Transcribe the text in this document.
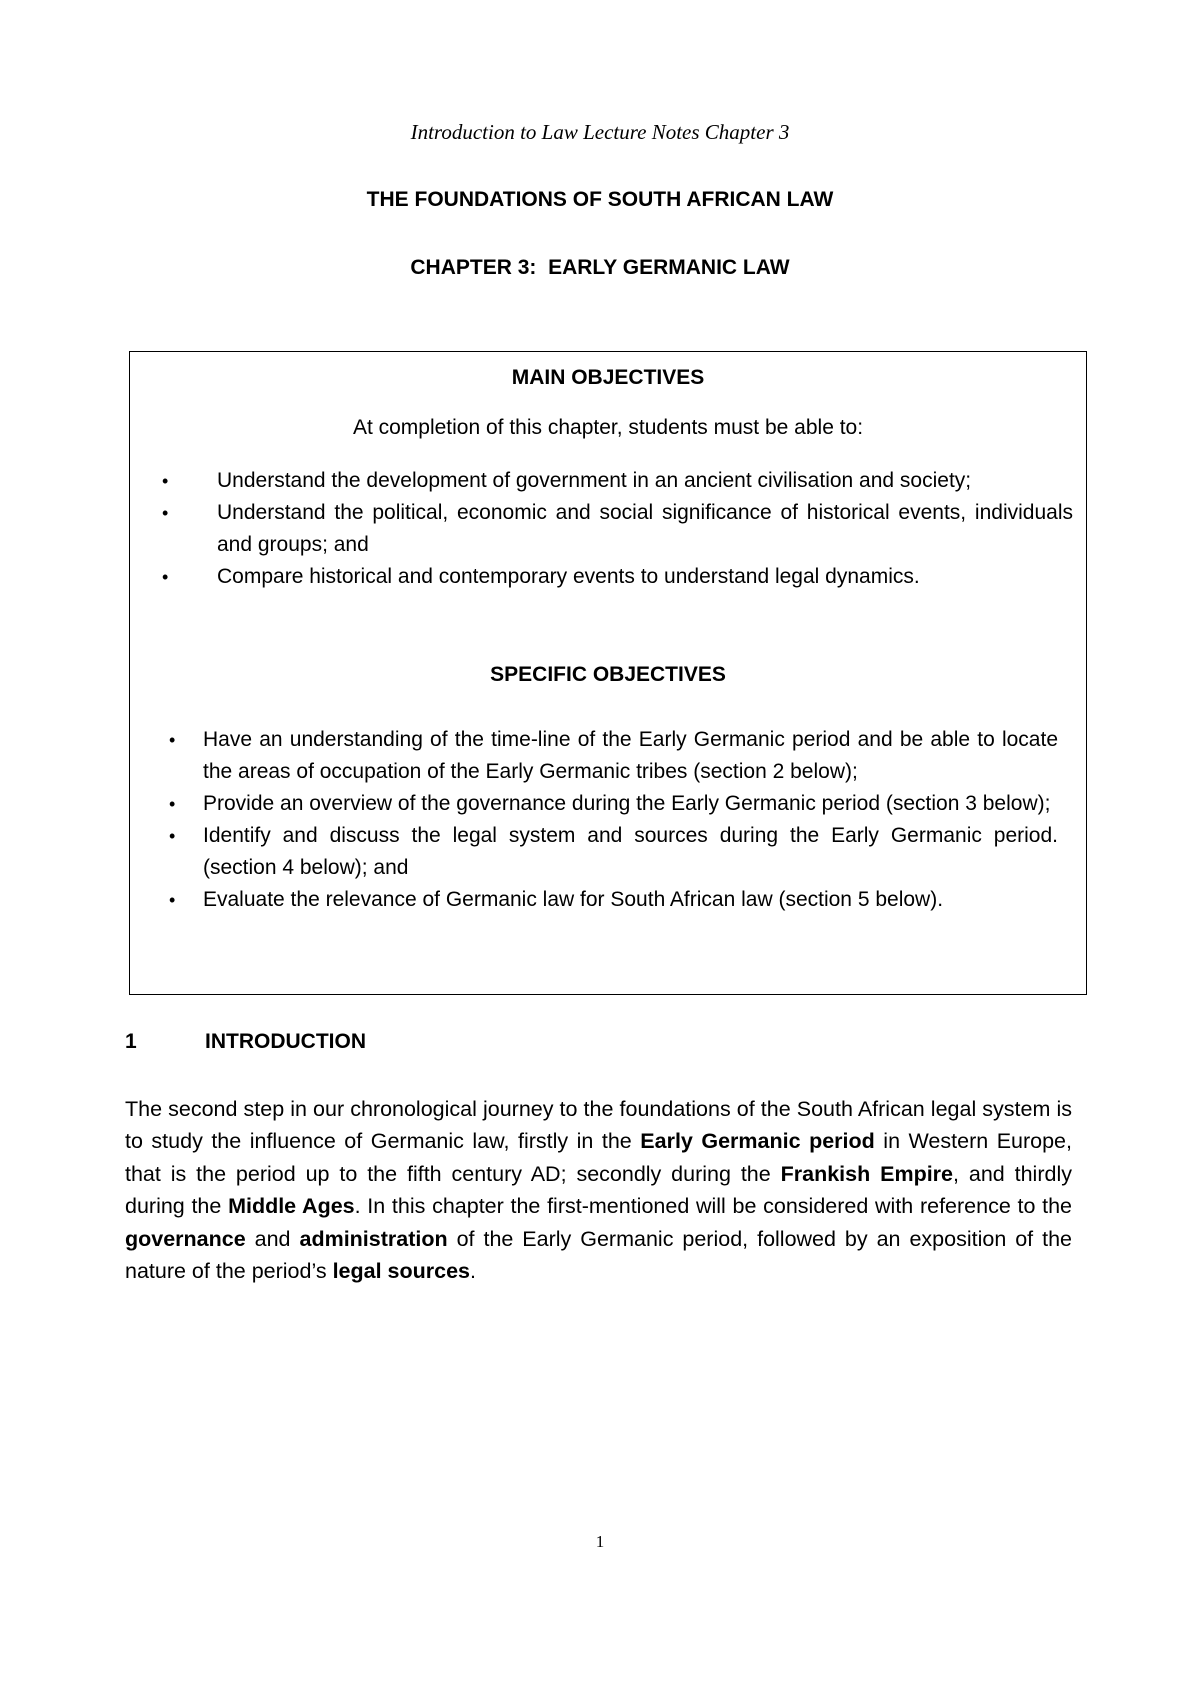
Introduction to Law Lecture Notes Chapter 3
THE FOUNDATIONS OF SOUTH AFRICAN LAW
CHAPTER 3:  EARLY GERMANIC LAW
MAIN OBJECTIVES
At completion of this chapter, students must be able to:
• Understand the development of government in an ancient civilisation and society;
• Understand the political, economic and social significance of historical events, individuals and groups; and
• Compare historical and contemporary events to understand legal dynamics.
SPECIFIC OBJECTIVES
• Have an understanding of the time-line of the Early Germanic period and be able to locate the areas of occupation of the Early Germanic tribes (section 2 below);
• Provide an overview of the governance during the Early Germanic period (section 3 below);
• Identify and discuss the legal system and sources during the Early Germanic period. (section 4 below); and
• Evaluate the relevance of Germanic law for South African law (section 5 below).
1	INTRODUCTION

The second step in our chronological journey to the foundations of the South African legal system is to study the influence of Germanic law, firstly in the Early Germanic period in Western Europe, that is the period up to the fifth century AD; secondly during the Frankish Empire, and thirdly during the Middle Ages. In this chapter the first-mentioned will be considered with reference to the governance and administration of the Early Germanic period, followed by an exposition of the nature of the period’s legal sources.

1
